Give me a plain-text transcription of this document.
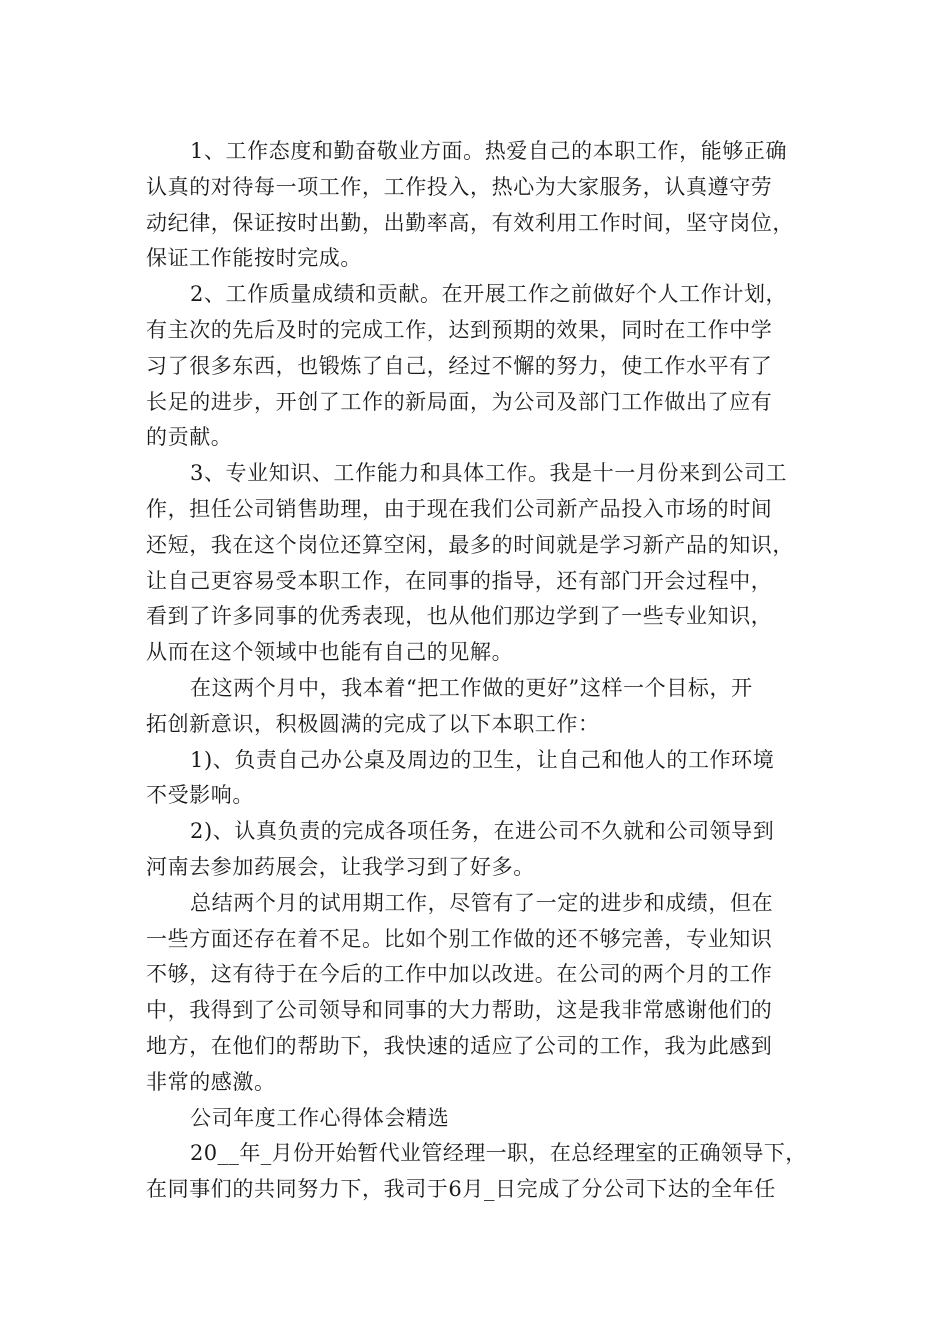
1、工作态度和勤奋敬业方面。热爱自己的本职工作，能够正确
认真的对待每一项工作，工作投入，热心为大家服务，认真遵守劳
动纪律，保证按时出勤，出勤率高，有效利用工作时间，坚守岗位，
保证工作能按时完成。
2、工作质量成绩和贡献。在开展工作之前做好个人工作计划，
有主次的先后及时的完成工作，达到预期的效果，同时在工作中学
习了很多东西，也锻炼了自己，经过不懈的努力，使工作水平有了
长足的进步，开创了工作的新局面，为公司及部门工作做出了应有
的贡献。
3、专业知识、工作能力和具体工作。我是十一月份来到公司工
作，担任公司销售助理，由于现在我们公司新产品投入市场的时间
还短，我在这个岗位还算空闲，最多的时间就是学习新产品的知识，
让自己更容易受本职工作，在同事的指导，还有部门开会过程中，
看到了许多同事的优秀表现，也从他们那边学到了一些专业知识，
从而在这个领域中也能有自己的见解。
在这两个月中，我本着“把工作做的更好”这样一个目标，开
拓创新意识，积极圆满的完成了以下本职工作：
1)、负责自己办公桌及周边的卫生，让自己和他人的工作环境
不受影响。
2)、认真负责的完成各项任务，在进公司不久就和公司领导到
河南去参加药展会，让我学习到了好多。
总结两个月的试用期工作，尽管有了一定的进步和成绩，但在
一些方面还存在着不足。比如个别工作做的还不够完善，专业知识
不够，这有待于在今后的工作中加以改进。在公司的两个月的工作
中，我得到了公司领导和同事的大力帮助，这是我非常感谢他们的
地方，在他们的帮助下，我快速的适应了公司的工作，我为此感到
非常的感激。
公司年度工作心得体会精选
20__年_月份开始暂代业管经理一职，在总经理室的正确领导下，
在同事们的共同努力下，我司于6月_日完成了分公司下达的全年任
